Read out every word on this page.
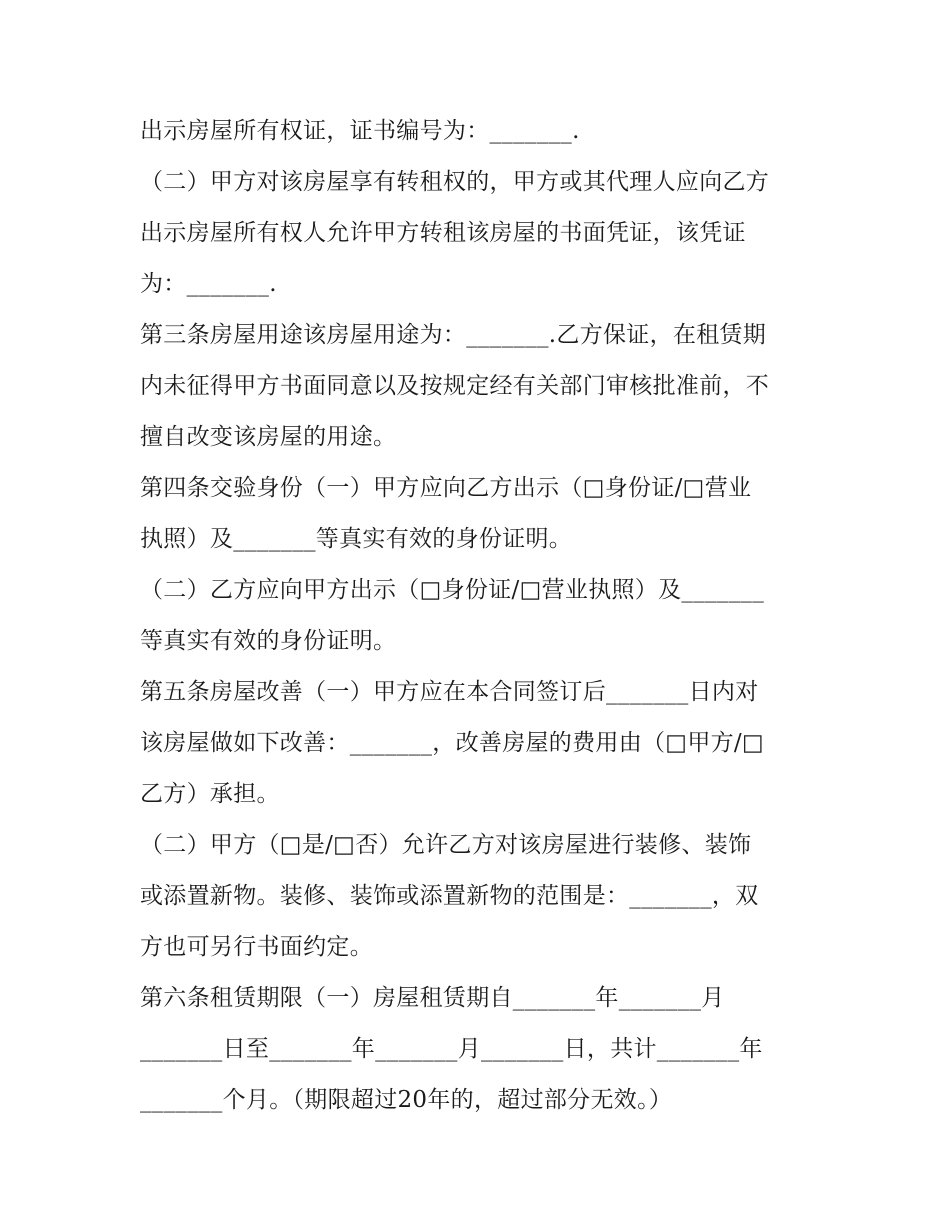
出示房屋所有权证，证书编号为：_______.
（二）甲方对该房屋享有转租权的，甲方或其代理人应向乙方
出示房屋所有权人允许甲方转租该房屋的书面凭证，该凭证
为：_______.
第三条房屋用途该房屋用途为：_______.乙方保证，在租赁期
内未征得甲方书面同意以及按规定经有关部门审核批准前，不
擅自改变该房屋的用途。
第四条交验身份（一）甲方应向乙方出示（□身份证/□营业
执照）及_______等真实有效的身份证明。
（二）乙方应向甲方出示（□身份证/□营业执照）及_______
等真实有效的身份证明。
第五条房屋改善（一）甲方应在本合同签订后_______日内对
该房屋做如下改善：_______，改善房屋的费用由（□甲方/□
乙方）承担。
（二）甲方（□是/□否）允许乙方对该房屋进行装修、装饰
或添置新物。装修、装饰或添置新物的范围是：_______，双
方也可另行书面约定。
第六条租赁期限（一）房屋租赁期自_______年_______月
_______日至_______年_______月_______日，共计_______年
_______个月。（期限超过20年的，超过部分无效。）
